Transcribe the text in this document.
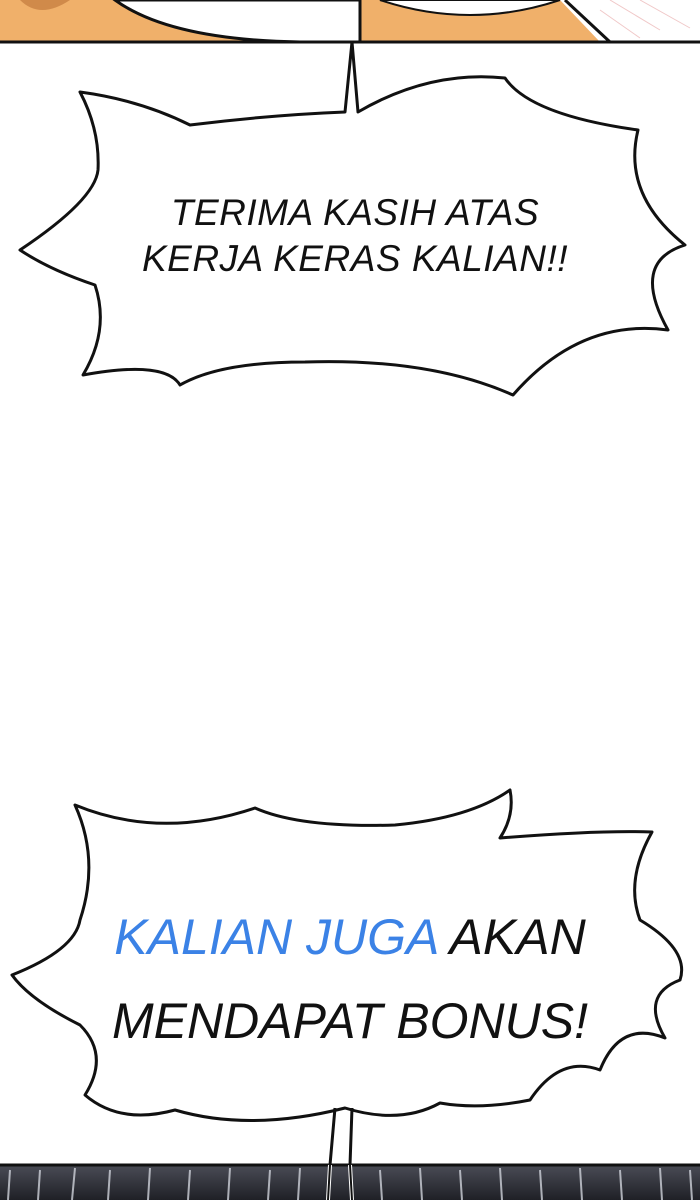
TERIMA KASIH ATAS
KERJA KERAS KALIAN!!
KALIAN JUGA AKAN
MENDAPAT BONUS!
